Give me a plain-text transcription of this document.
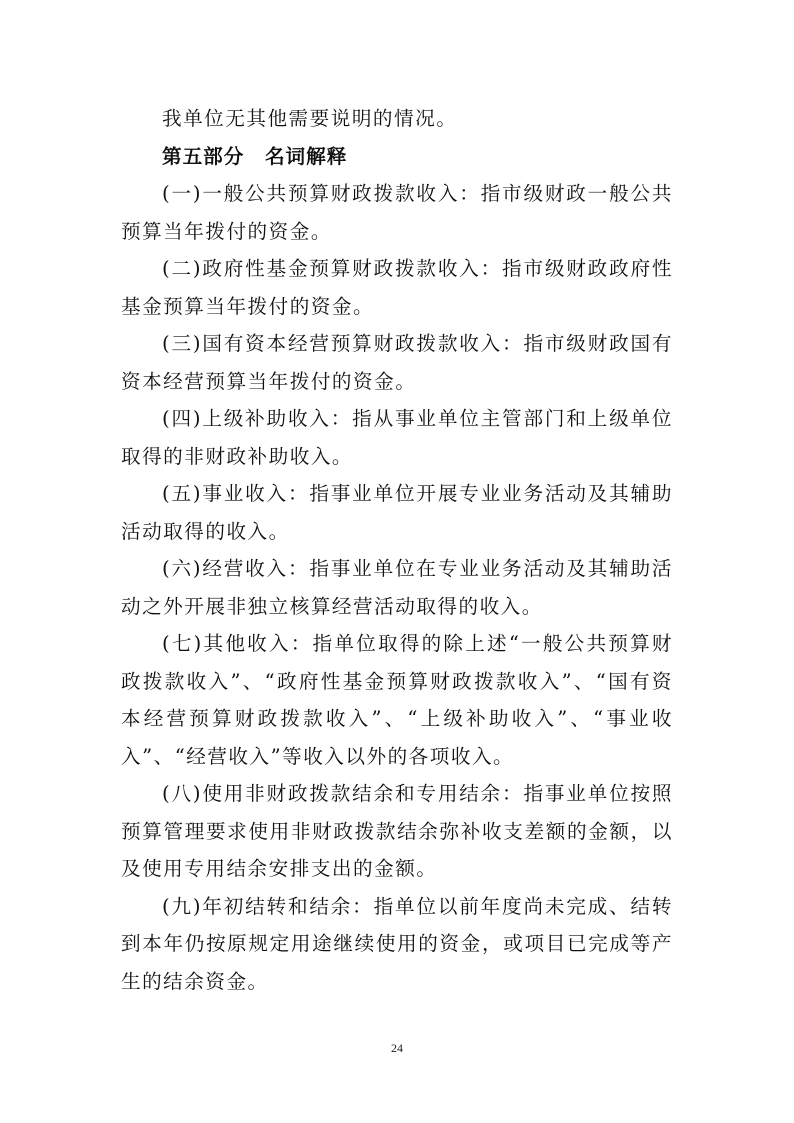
我单位无其他需要说明的情况。

第五部分　名词解释

(一)一般公共预算财政拨款收入：指市级财政一般公共预算当年拨付的资金。

(二)政府性基金预算财政拨款收入：指市级财政政府性基金预算当年拨付的资金。

(三)国有资本经营预算财政拨款收入：指市级财政国有资本经营预算当年拨付的资金。

(四)上级补助收入：指从事业单位主管部门和上级单位取得的非财政补助收入。

(五)事业收入：指事业单位开展专业业务活动及其辅助活动取得的收入。

(六)经营收入：指事业单位在专业业务活动及其辅助活动之外开展非独立核算经营活动取得的收入。

(七)其他收入：指单位取得的除上述“一般公共预算财政拨款收入”、“政府性基金预算财政拨款收入”、“国有资本经营预算财政拨款收入”、“上级补助收入”、“事业收入”、“经营收入”等收入以外的各项收入。

(八)使用非财政拨款结余和专用结余：指事业单位按照预算管理要求使用非财政拨款结余弥补收支差额的金额，以及使用专用结余安排支出的金额。

(九)年初结转和结余：指单位以前年度尚未完成、结转到本年仍按原规定用途继续使用的资金，或项目已完成等产生的结余资金。

24
